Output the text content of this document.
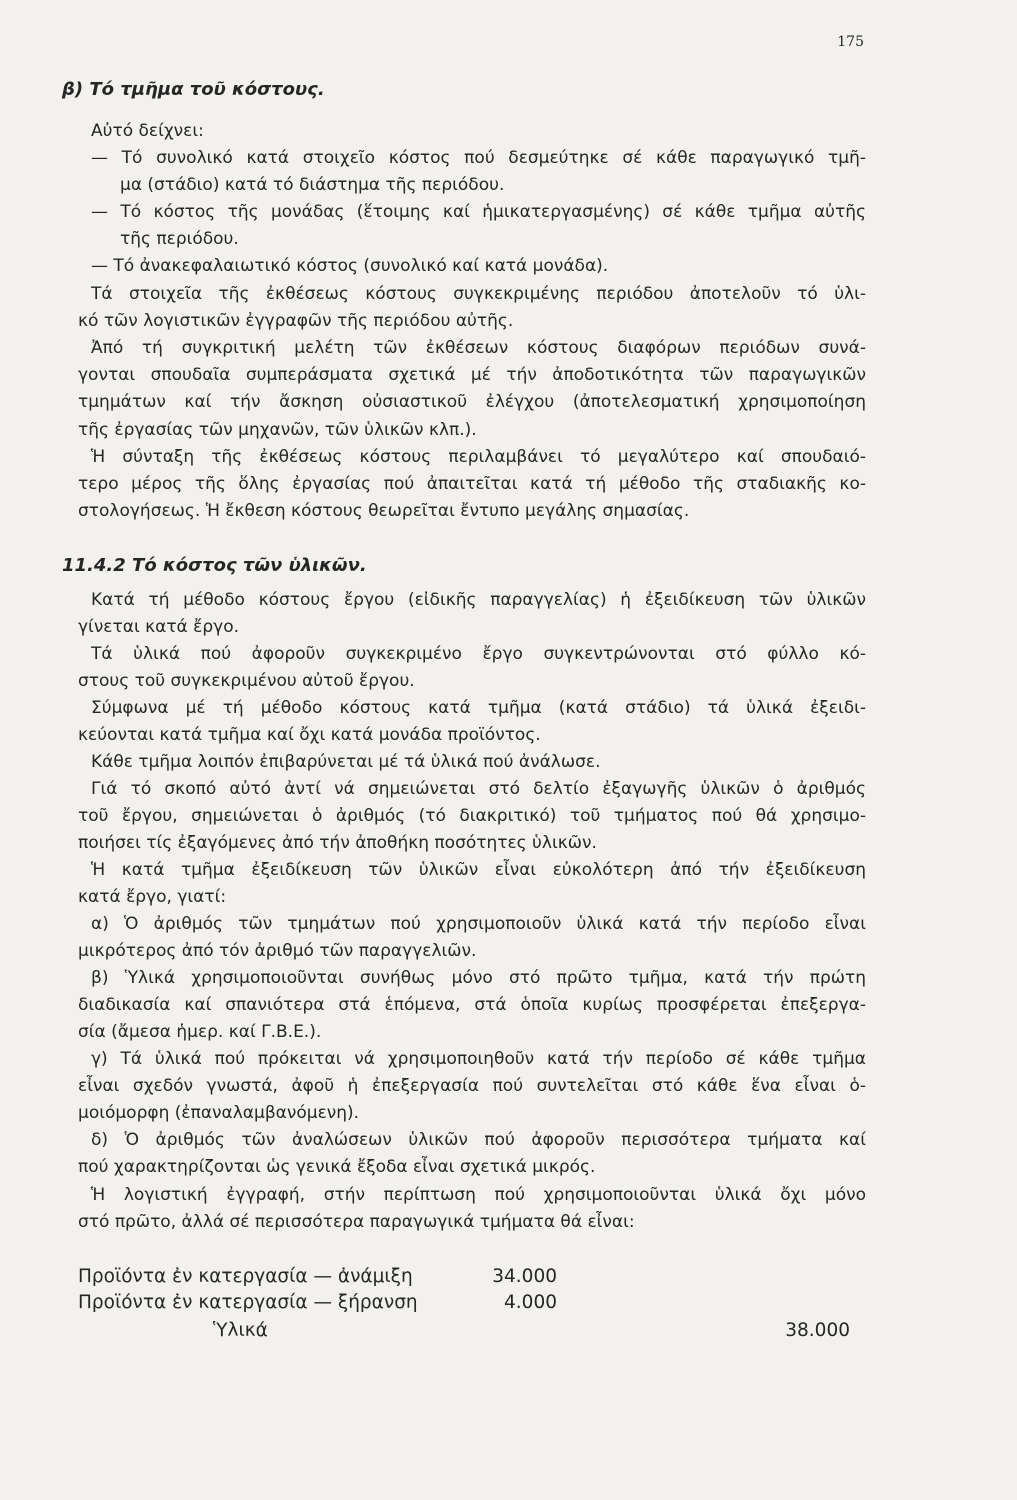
175
β) Τό τμῆμα τοῦ κόστους.
Αὐτό δείχνει:
— Τό συνολικό κατά στοιχεῖο κόστος πού δεσμεύτηκε σέ κάθε παραγωγικό τμῆ-
μα (στάδιο) κατά τό διάστημα τῆς περιόδου.
— Τό κόστος τῆς μονάδας (ἕτοιμης καί ἡμικατεργασμένης) σέ κάθε τμῆμα αὐτῆς
τῆς περιόδου.
— Τό ἀνακεφαλαιωτικό κόστος (συνολικό καί κατά μονάδα).
Τά στοιχεῖα τῆς ἐκθέσεως κόστους συγκεκριμένης περιόδου ἀποτελοῦν τό ὑλι-
κό τῶν λογιστικῶν ἐγγραφῶν τῆς περιόδου αὐτῆς.
Ἀπό τή συγκριτική μελέτη τῶν ἐκθέσεων κόστους διαφόρων περιόδων συνά-
γονται σπουδαῖα συμπεράσματα σχετικά μέ τήν ἀποδοτικότητα τῶν παραγωγικῶν
τμημάτων καί τήν ἄσκηση οὐσιαστικοῦ ἐλέγχου (ἀποτελεσματική χρησιμοποίηση
τῆς ἐργασίας τῶν μηχανῶν, τῶν ὑλικῶν κλπ.).
Ἡ σύνταξη τῆς ἐκθέσεως κόστους περιλαμβάνει τό μεγαλύτερο καί σπουδαιό-
τερο μέρος τῆς ὅλης ἐργασίας πού ἀπαιτεῖται κατά τή μέθοδο τῆς σταδιακῆς κο-
στολογήσεως. Ἡ ἔκθεση κόστους θεωρεῖται ἔντυπο μεγάλης σημασίας.
11.4.2 Τό κόστος τῶν ὑλικῶν.
Κατά τή μέθοδο κόστους ἔργου (εἰδικῆς παραγγελίας) ἡ ἐξειδίκευση τῶν ὑλικῶν
γίνεται κατά ἔργο.
Τά ὑλικά πού ἀφοροῦν συγκεκριμένο ἔργο συγκεντρώνονται στό φύλλο κό-
στους τοῦ συγκεκριμένου αὐτοῦ ἔργου.
Σύμφωνα μέ τή μέθοδο κόστους κατά τμῆμα (κατά στάδιο) τά ὑλικά ἐξειδι-
κεύονται κατά τμῆμα καί ὄχι κατά μονάδα προϊόντος.
Κάθε τμῆμα λοιπόν ἐπιβαρύνεται μέ τά ὑλικά πού ἀνάλωσε.
Γιά τό σκοπό αὐτό ἀντί νά σημειώνεται στό δελτίο ἐξαγωγῆς ὑλικῶν ὁ ἀριθμός
τοῦ ἔργου, σημειώνεται ὁ ἀριθμός (τό διακριτικό) τοῦ τμήματος πού θά χρησιμο-
ποιήσει τίς ἐξαγόμενες ἀπό τήν ἀποθήκη ποσότητες ὑλικῶν.
Ἡ κατά τμῆμα ἐξειδίκευση τῶν ὑλικῶν εἶναι εὐκολότερη ἀπό τήν ἐξειδίκευση
κατά ἔργο, γιατί:
α) Ὁ ἀριθμός τῶν τμημάτων πού χρησιμοποιοῦν ὑλικά κατά τήν περίοδο εἶναι
μικρότερος ἀπό τόν ἀριθμό τῶν παραγγελιῶν.
β) Ὑλικά χρησιμοποιοῦνται συνήθως μόνο στό πρῶτο τμῆμα, κατά τήν πρώτη
διαδικασία καί σπανιότερα στά ἑπόμενα, στά ὁποῖα κυρίως προσφέρεται ἐπεξεργα-
σία (ἄμεσα ἡμερ. καί Γ.Β.Ε.).
γ) Τά ὑλικά πού πρόκειται νά χρησιμοποιηθοῦν κατά τήν περίοδο σέ κάθε τμῆμα
εἶναι σχεδόν γνωστά, ἀφοῦ ἡ ἐπεξεργασία πού συντελεῖται στό κάθε ἕνα εἶναι ὁ-
μοιόμορφη (ἐπαναλαμβανόμενη).
δ) Ὁ ἀριθμός τῶν ἀναλώσεων ὑλικῶν πού ἀφοροῦν περισσότερα τμήματα καί
πού χαρακτηρίζονται ὡς γενικά ἔξοδα εἶναι σχετικά μικρός.
Ἡ λογιστική ἐγγραφή, στήν περίπτωση πού χρησιμοποιοῦνται ὑλικά ὄχι μόνο
στό πρῶτο, ἀλλά σέ περισσότερα παραγωγικά τμήματα θά εἶναι:
Προϊόντα ἐν κατεργασία — ἀνάμιξη	34.000
Προϊόντα ἐν κατεργασία — ξήρανση	4.000
Ὑλικά	38.000
